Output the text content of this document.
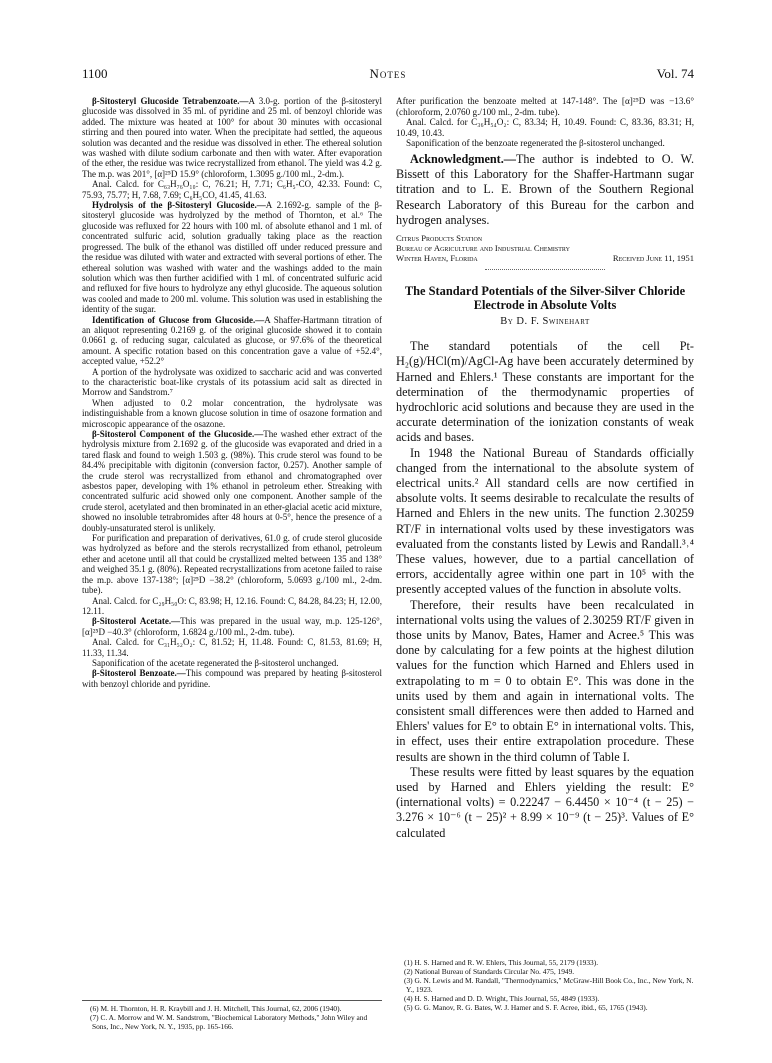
1100	Notes	Vol. 74

β-Sitosteryl Glucoside Tetrabenzoate.—A 3.0-g. portion of the β-sitosteryl glucoside was dissolved in 35 ml. of pyridine and 25 ml. of benzoyl chloride was added. The mixture was heated at 100° for about 30 minutes with occasional stirring and then poured into water. When the precipitate had settled, the aqueous solution was decanted and the residue was dissolved in ether. The ethereal solution was washed with dilute sodium carbonate and then with water. After evaporation of the ether, the residue was twice recrystallized from ethanol. The yield was 4.2 g. The m.p. was 201°, [α]²⁵D 15.9° (chloroform, 1.3095 g./100 ml., 2-dm.).

Anal. Calcd. for C₆₃H₇₆O₁₀: C, 76.21; H, 7.71; C₆H₅-CO, 42.33. Found: C, 75.93, 75.77; H, 7.68, 7.69; C₆H₅CO, 41.45, 41.63.

Hydrolysis of the β-Sitosteryl Glucoside.—A 2.1692-g. sample of the β-sitosteryl glucoside was hydrolyzed by the method of Thornton, et al.⁶ The glucoside was refluxed for 22 hours with 100 ml. of absolute ethanol and 1 ml. of concentrated sulfuric acid, solution gradually taking place as the reaction progressed. The bulk of the ethanol was distilled off under reduced pressure and the residue was diluted with water and extracted with several portions of ether. The ethereal solution was washed with water and the washings added to the main solution which was then further acidified with 1 ml. of concentrated sulfuric acid and refluxed for five hours to hydrolyze any ethyl glucoside. The aqueous solution was cooled and made to 200 ml. volume. This solution was used in establishing the identity of the sugar.

Identification of Glucose from Glucoside.—A Shaffer-Hartmann titration of an aliquot representing 0.2169 g. of the original glucoside showed it to contain 0.0661 g. of reducing sugar, calculated as glucose, or 97.6% of the theoretical amount. A specific rotation based on this concentration gave a value of +52.4°, accepted value, +52.2°

A portion of the hydrolysate was oxidized to saccharic acid and was converted to the characteristic boat-like crystals of its potassium acid salt as directed in Morrow and Sandstrom.⁷

When adjusted to 0.2 molar concentration, the hydrolysate was indistinguishable from a known glucose solution in time of osazone formation and microscopic appearance of the osazone.

β-Sitosterol Component of the Glucoside.—The washed ether extract of the hydrolysis mixture from 2.1692 g. of the glucoside was evaporated and dried in a tared flask and found to weigh 1.503 g. (98%). This crude sterol was found to be 84.4% precipitable with digitonin (conversion factor, 0.257). Another sample of the crude sterol was recrystallized from ethanol and chromatographed over asbestos paper, developing with 1% ethanol in petroleum ether. Streaking with concentrated sulfuric acid showed only one component. Another sample of the crude sterol, acetylated and then brominated in an ether-glacial acetic acid mixture, showed no insoluble tetrabromides after 48 hours at 0-5°, hence the presence of a doubly-unsaturated sterol is unlikely.

For purification and preparation of derivatives, 61.0 g. of crude sterol glucoside was hydrolyzed as before and the sterols recrystallized from ethanol, petroleum ether and acetone until all that could be crystallized melted between 135 and 138° and weighed 35.1 g. (80%). Repeated recrystallizations from acetone failed to raise the m.p. above 137-138°; [α]²⁵D −38.2° (chloroform, 5.0693 g./100 ml., 2-dm. tube).

Anal. Calcd. for C₂₉H₅₀O: C, 83.98; H, 12.16. Found: C, 84.28, 84.23; H, 12.00, 12.11.

β-Sitosterol Acetate.—This was prepared in the usual way, m.p. 125-126°, [α]²⁵D −40.3° (chloroform, 1.6824 g./100 ml., 2-dm. tube).

Anal. Calcd. for C₃₁H₅₂O₂: C, 81.52; H, 11.48. Found: C, 81.53, 81.69; H, 11.33, 11.34.

Saponification of the acetate regenerated the β-sitosterol unchanged.

β-Sitosterol Benzoate.—This compound was prepared by heating β-sitosterol with benzoyl chloride and pyridine.

(6) M. H. Thornton, H. R. Kraybill and J. H. Mitchell, This Journal, 62, 2006 (1940).

(7) C. A. Morrow and W. M. Sandstrom, "Biochemical Laboratory Methods," John Wiley and Sons, Inc., New York, N. Y., 1935, pp. 165-166.

After purification the benzoate melted at 147-148°. The [α]²⁵D was −13.6° (chloroform, 2.0760 g./100 ml., 2-dm. tube).

Anal. Calcd. for C₃₆H₅₄O₂: C, 83.34; H, 10.49. Found: C, 83.36, 83.31; H, 10.49, 10.43.

Saponification of the benzoate regenerated the β-sitosterol unchanged.

Acknowledgment.—The author is indebted to O. W. Bissett of this Laboratory for the Shaffer-Hartmann sugar titration and to L. E. Brown of the Southern Regional Research Laboratory of this Bureau for the carbon and hydrogen analyses.

Citrus Products Station
Bureau of Agriculture and Industrial Chemistry
Winter Haven, Florida	Received June 11, 1951
The Standard Potentials of the Silver-Silver Chloride Electrode in Absolute Volts
By D. F. Swinehart

The standard potentials of the cell Pt-H₂(g)/HCl(m)/AgCl-Ag have been accurately determined by Harned and Ehlers.¹ These constants are important for the determination of the thermodynamic properties of hydrochloric acid solutions and because they are used in the accurate determination of the ionization constants of weak acids and bases.

In 1948 the National Bureau of Standards officially changed from the international to the absolute system of electrical units.² All standard cells are now certified in absolute volts. It seems desirable to recalculate the results of Harned and Ehlers in the new units. The function 2.30259 RT/F in international volts used by these investigators was evaluated from the constants listed by Lewis and Randall.³˒⁴ These values, however, due to a partial cancellation of errors, accidentally agree within one part in 10⁵ with the presently accepted values of the function in absolute volts.

Therefore, their results have been recalculated in international volts using the values of 2.30259 RT/F given in those units by Manov, Bates, Hamer and Acree.⁵ This was done by calculating for a few points at the highest dilution values for the function which Harned and Ehlers used in extrapolating to m = 0 to obtain E°. This was done in the units used by them and again in international volts. The consistent small differences were then added to Harned and Ehlers' values for E° to obtain E° in international volts. This, in effect, uses their entire extrapolation procedure. These results are shown in the third column of Table I.

These results were fitted by least squares by the equation used by Harned and Ehlers yielding the result: E° (international volts) = 0.22247 − 6.4450 × 10⁻⁴ (t − 25) − 3.276 × 10⁻⁶ (t − 25)² + 8.99 × 10⁻⁹ (t − 25)³. Values of E° calculated

(1) H. S. Harned and R. W. Ehlers, This Journal, 55, 2179 (1933).

(2) National Bureau of Standards Circular No. 475, 1949.

(3) G. N. Lewis and M. Randall, "Thermodynamics," McGraw-Hill Book Co., Inc., New York, N. Y., 1923.

(4) H. S. Harned and D. D. Wright, This Journal, 55, 4849 (1933).

(5) G. G. Manov, R. G. Bates, W. J. Hamer and S. F. Acree, ibid., 65, 1765 (1943).
